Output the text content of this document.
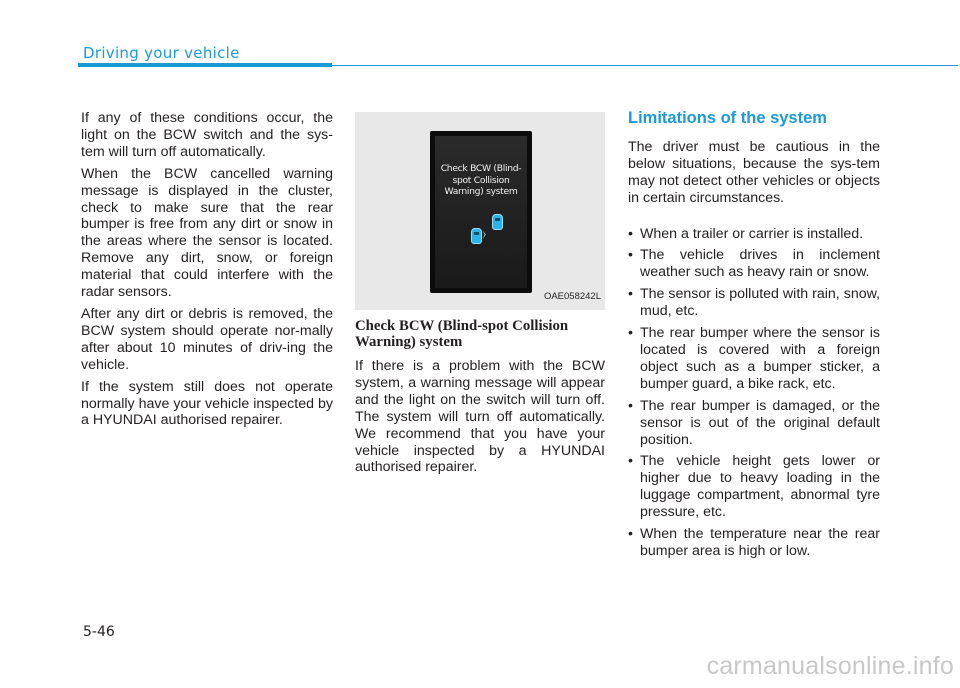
Driving your vehicle

If any of these conditions occur, the light on the BCW switch and the sys-tem will turn off automatically.

When the BCW cancelled warning message is displayed in the cluster, check to make sure that the rear bumper is free from any dirt or snow in the areas where the sensor is located. Remove any dirt, snow, or foreign material that could interfere with the radar sensors.

After any dirt or debris is removed, the BCW system should operate nor-mally after about 10 minutes of driv-ing the vehicle.

If the system still does not operate normally have your vehicle inspected by a HYUNDAI authorised repairer.

Check BCW (Blind-
spot Collision
Warning) system
⧽
OAE058242L
Check BCW (Blind-spot Collision Warning) system

If there is a problem with the BCW system, a warning message will appear and the light on the switch will turn off. The system will turn off automatically. We recommend that you have your vehicle inspected by a HYUNDAI authorised repairer.

Limitations of the system

The driver must be cautious in the below situations, because the sys-tem may not detect other vehicles or objects in certain circumstances.

• When a trailer or carrier is installed.
• The vehicle drives in inclement weather such as heavy rain or snow.
• The sensor is polluted with rain, snow, mud, etc.
• The rear bumper where the sensor is located is covered with a foreign object such as a bumper sticker, a bumper guard, a bike rack, etc.
• The rear bumper is damaged, or the sensor is out of the original default position.
• The vehicle height gets lower or higher due to heavy loading in the luggage compartment, abnormal tyre pressure, etc.
• When the temperature near the rear bumper area is high or low.
5-46
carmanualsonline.info
